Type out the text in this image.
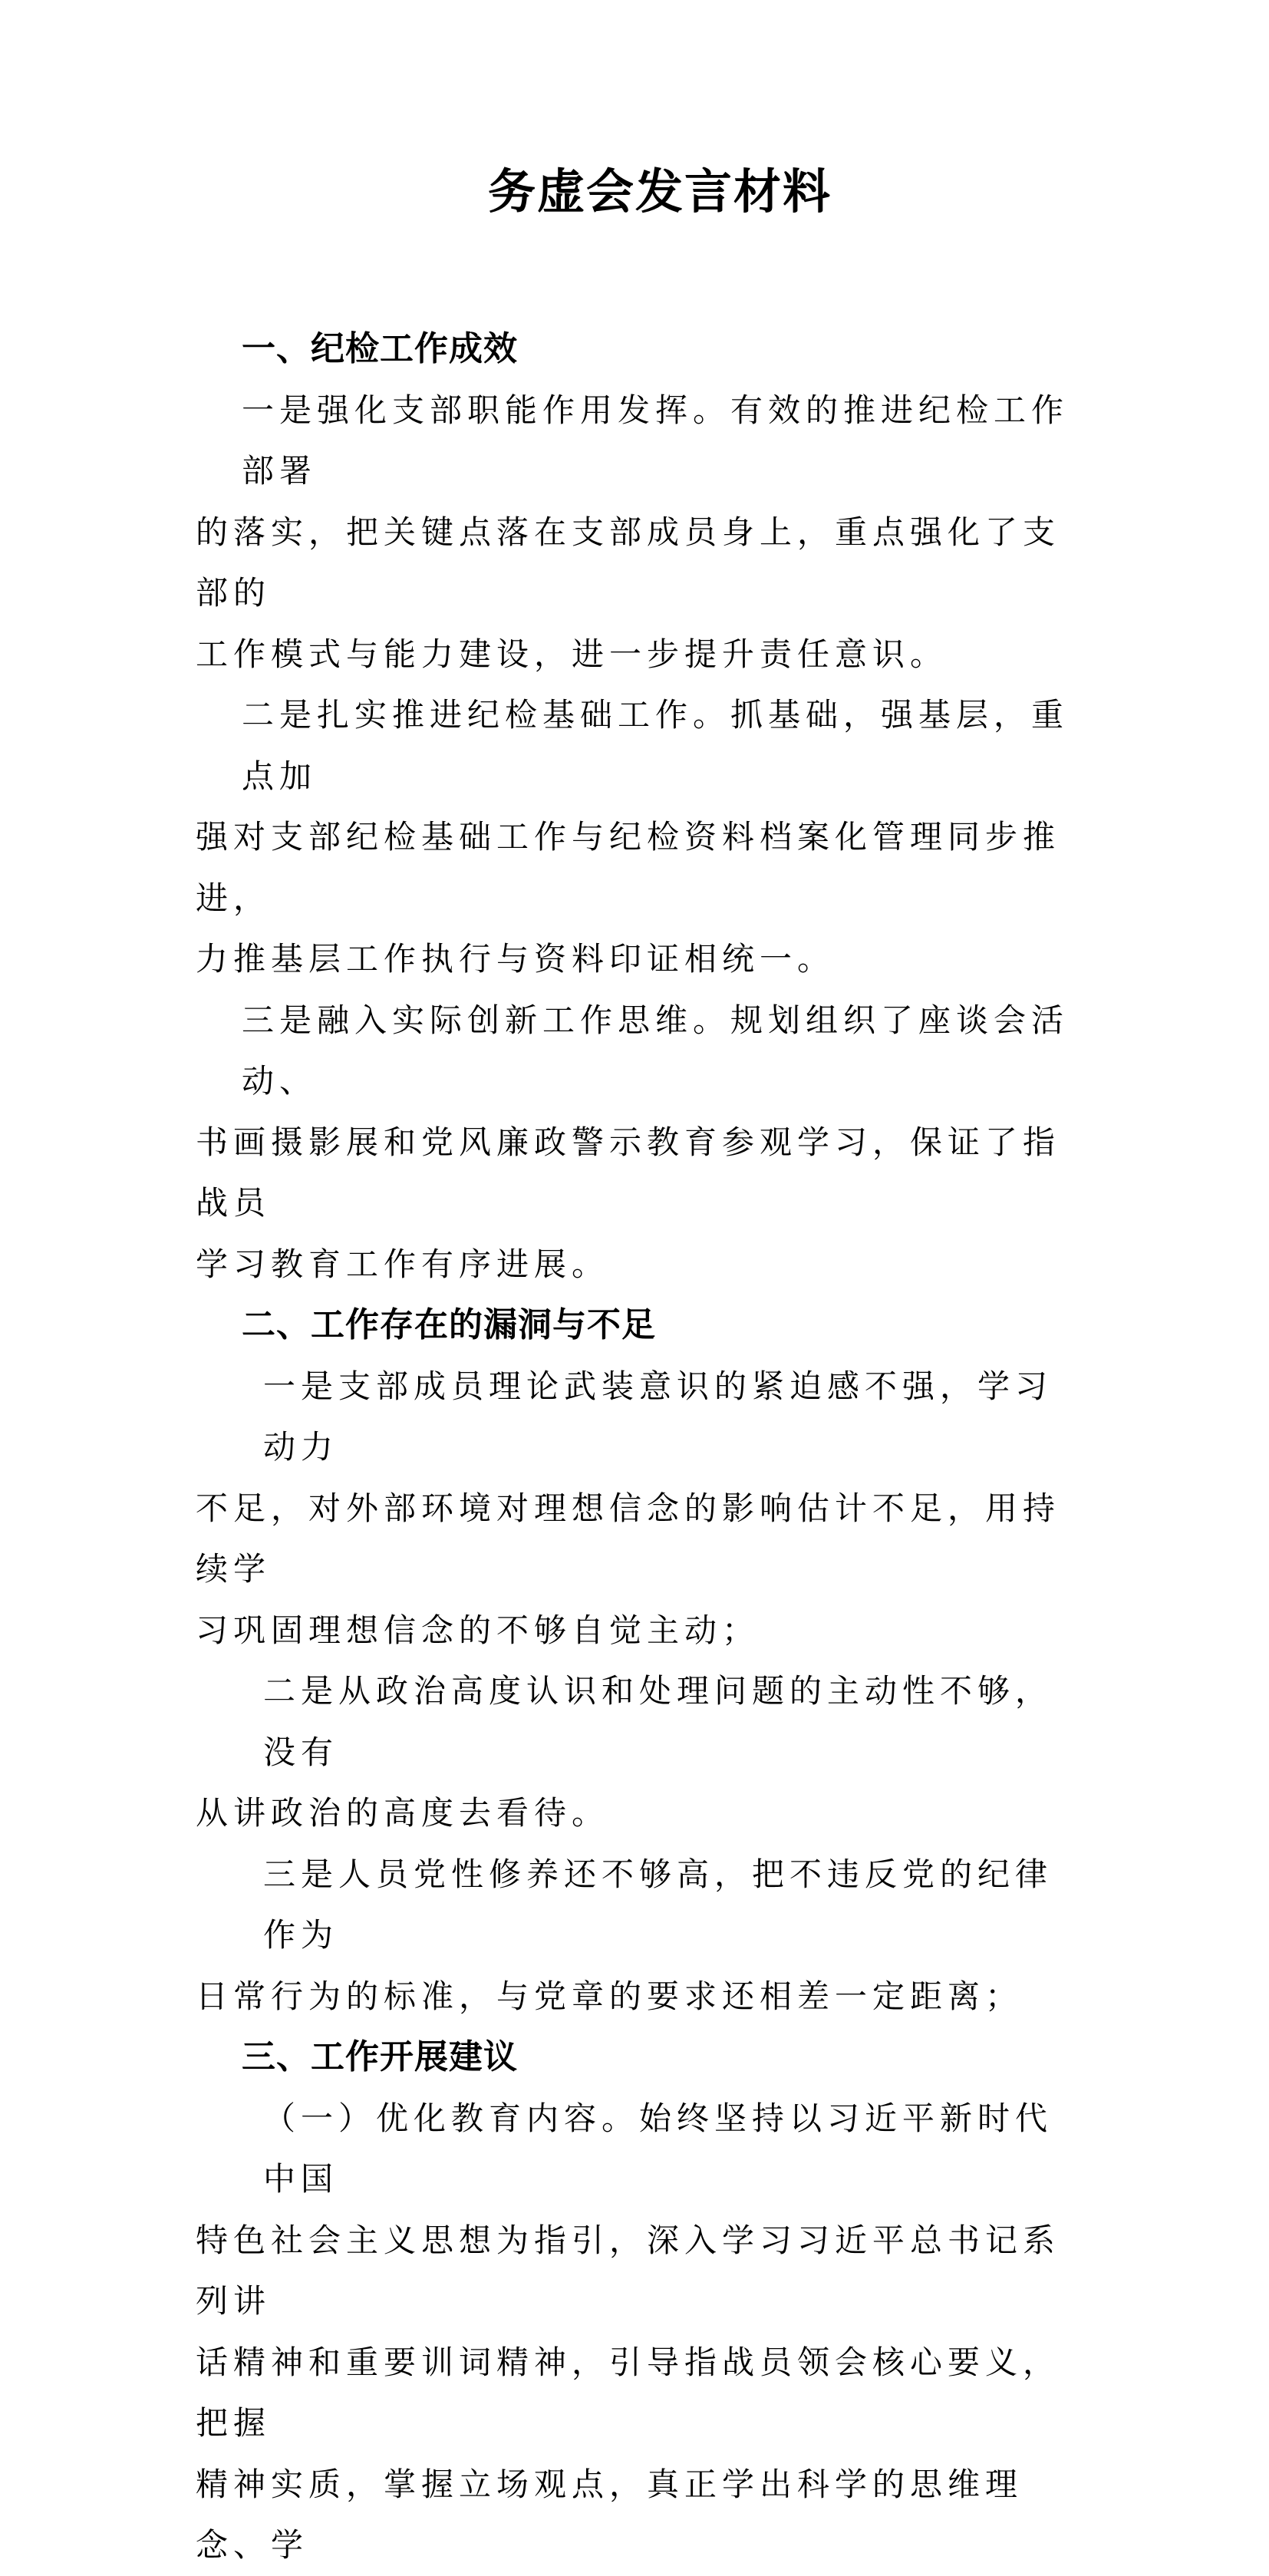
务虚会发言材料
一、纪检工作成效
一是强化支部职能作用发挥。有效的推进纪检工作部署
的落实，把关键点落在支部成员身上，重点强化了支部的
工作模式与能力建设，进一步提升责任意识。
二是扎实推进纪检基础工作。抓基础，强基层，重点加
强对支部纪检基础工作与纪检资料档案化管理同步推进，
力推基层工作执行与资料印证相统一。
三是融入实际创新工作思维。规划组织了座谈会活动、
书画摄影展和党风廉政警示教育参观学习，保证了指战员
学习教育工作有序进展。
二、工作存在的漏洞与不足
一是支部成员理论武装意识的紧迫感不强，学习动力
不足，对外部环境对理想信念的影响估计不足，用持续学
习巩固理想信念的不够自觉主动；
二是从政治高度认识和处理问题的主动性不够，没有
从讲政治的高度去看待。
三是人员党性修养还不够高，把不违反党的纪律作为
日常行为的标准，与党章的要求还相差一定距离；
三、工作开展建议
（一）优化教育内容。始终坚持以习近平新时代中国
特色社会主义思想为指引，深入学习习近平总书记系列讲
话精神和重要训词精神，引导指战员领会核心要义，把握
精神实质，掌握立场观点，真正学出科学的思维理念、学
